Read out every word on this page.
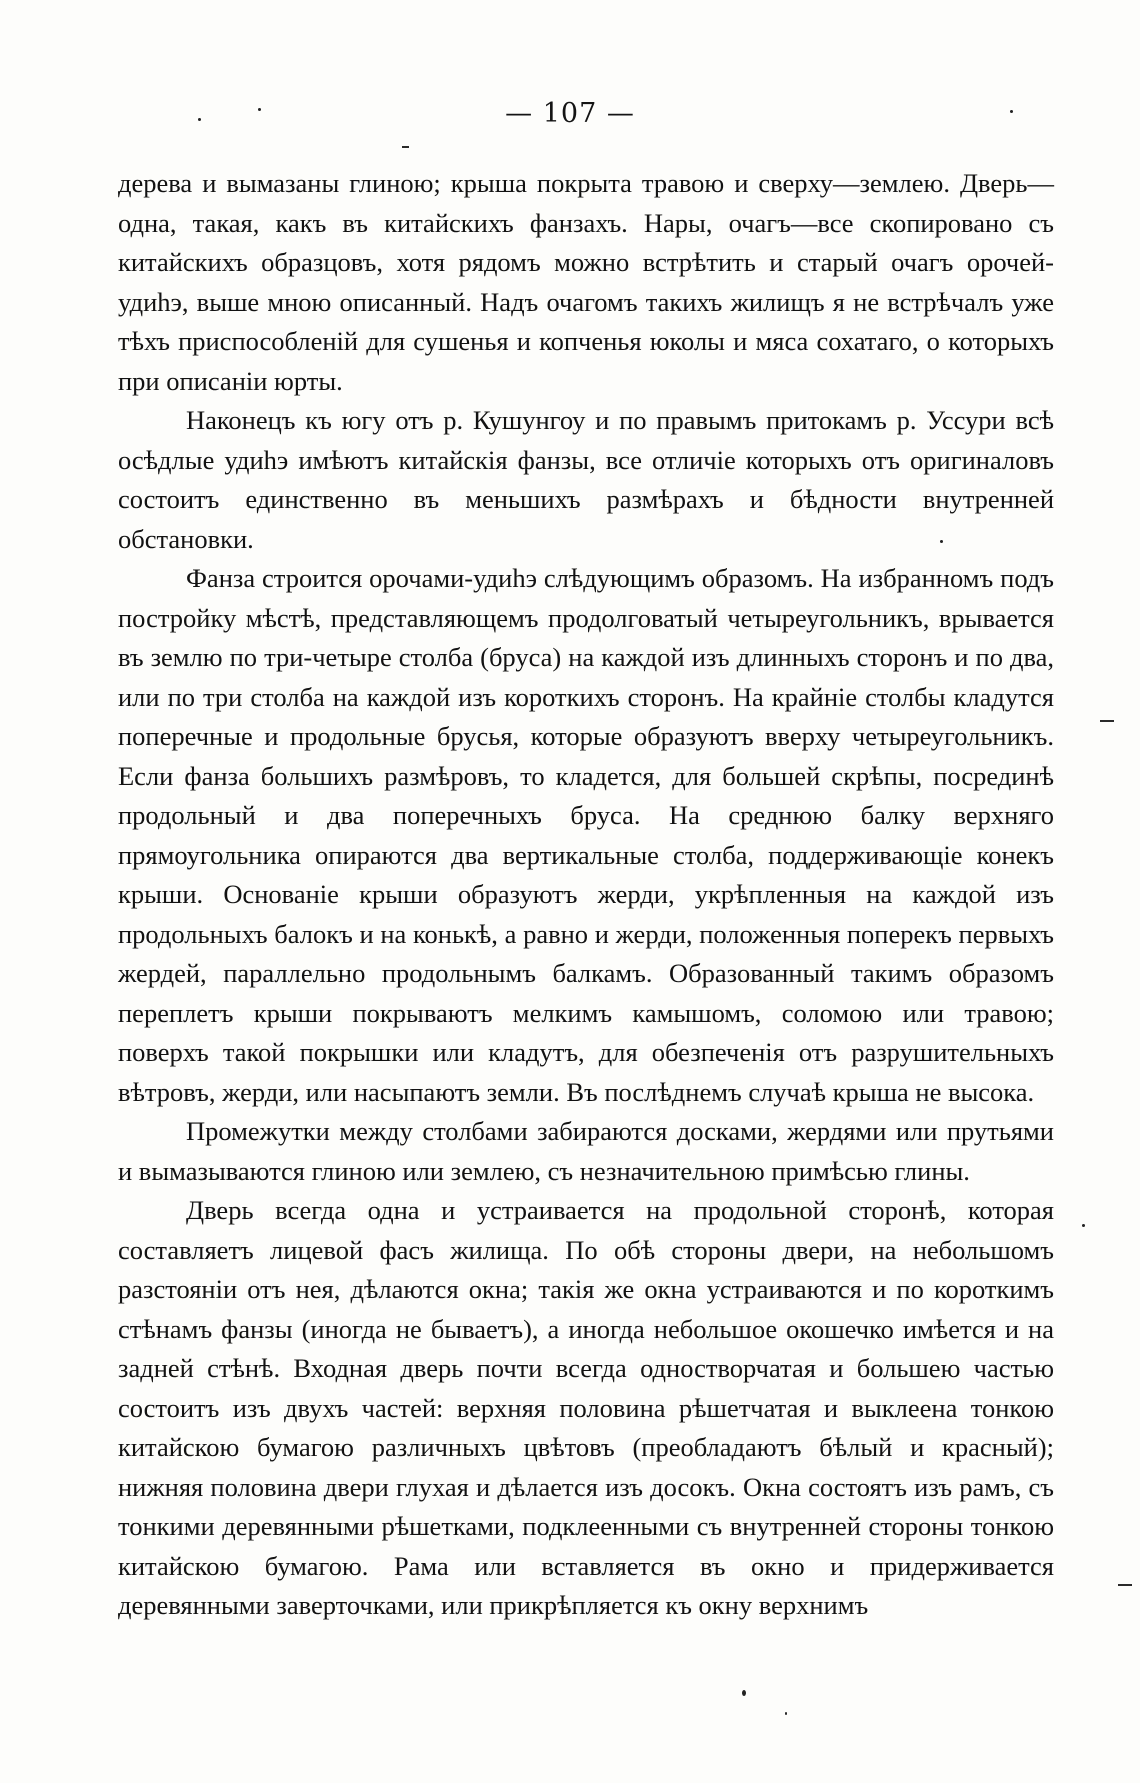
— 107 —

дерева и вымазаны глиною; крыша покрыта травою и сверху—землею. Дверь—одна, такая, какъ въ китайскихъ фанзахъ. Нары, очагъ—все скопировано съ китайскихъ образцовъ, хотя рядомъ можно встрѣтить и старый очагъ орочей-удиһэ, выше мною описанный. Надъ очагомъ такихъ жилищъ я не встрѣчалъ уже тѣхъ приспособленій для сушенья и копченья юколы и мяса сохатаго, о которыхъ при описаніи юрты.

Наконецъ къ югу отъ р. Кушунгоу и по правымъ притокамъ р. Уссури всѣ осѣдлые удиһэ имѣютъ китайскія фанзы, все отличіе которыхъ отъ оригиналовъ состоитъ единственно въ меньшихъ размѣрахъ и бѣдности внутренней обстановки.

Фанза строится орочами-удиһэ слѣдующимъ образомъ. На избранномъ подъ постройку мѣстѣ, представляющемъ продолговатый четыреугольникъ, врывается въ землю по три-четыре столба (бруса) на каждой изъ длинныхъ сторонъ и по два, или по три столба на каждой изъ короткихъ сторонъ. На крайніе столбы кладутся поперечные и продольные брусья, которые образуютъ вверху четыреугольникъ. Если фанза большихъ размѣровъ, то кладется, для большей скрѣпы, посрединѣ продольный и два поперечныхъ бруса. На среднюю балку верхняго прямоугольника опираются два вертикальные столба, поддерживающіе конекъ крыши. Основаніе крыши образуютъ жерди, укрѣпленныя на каждой изъ продольныхъ балокъ и на конькѣ, а равно и жерди, положенныя поперекъ первыхъ жердей, параллельно продольнымъ балкамъ. Образованный такимъ образомъ переплетъ крыши покрываютъ мелкимъ камышомъ, соломою или травою; поверхъ такой покрышки или кладутъ, для обезпеченія отъ разрушительныхъ вѣтровъ, жерди, или насыпаютъ земли. Въ послѣднемъ случаѣ крыша не высока.

Промежутки между столбами забираются досками, жердями или прутьями и вымазываются глиною или землею, съ незначительною примѣсью глины.

Дверь всегда одна и устраивается на продольной сторонѣ, которая составляетъ лицевой фасъ жилища. По обѣ стороны двери, на небольшомъ разстояніи отъ нея, дѣлаются окна; такія же окна устраиваются и по короткимъ стѣнамъ фанзы (иногда не бываетъ), а иногда небольшое окошечко имѣется и на задней стѣнѣ. Входная дверь почти всегда одностворчатая и большею частью состоитъ изъ двухъ частей: верхняя половина рѣшетчатая и выклеена тонкою китайскою бумагою различныхъ цвѣтовъ (преобладаютъ бѣлый и красный); нижняя половина двери глухая и дѣлается изъ досокъ. Окна состоятъ изъ рамъ, съ тонкими деревянными рѣшетками, подклеенными съ внутренней стороны тонкою китайскою бумагою. Рама или вставляется въ окно и придерживается деревянными заверточками, или прикрѣпляется къ окну верхнимъ
